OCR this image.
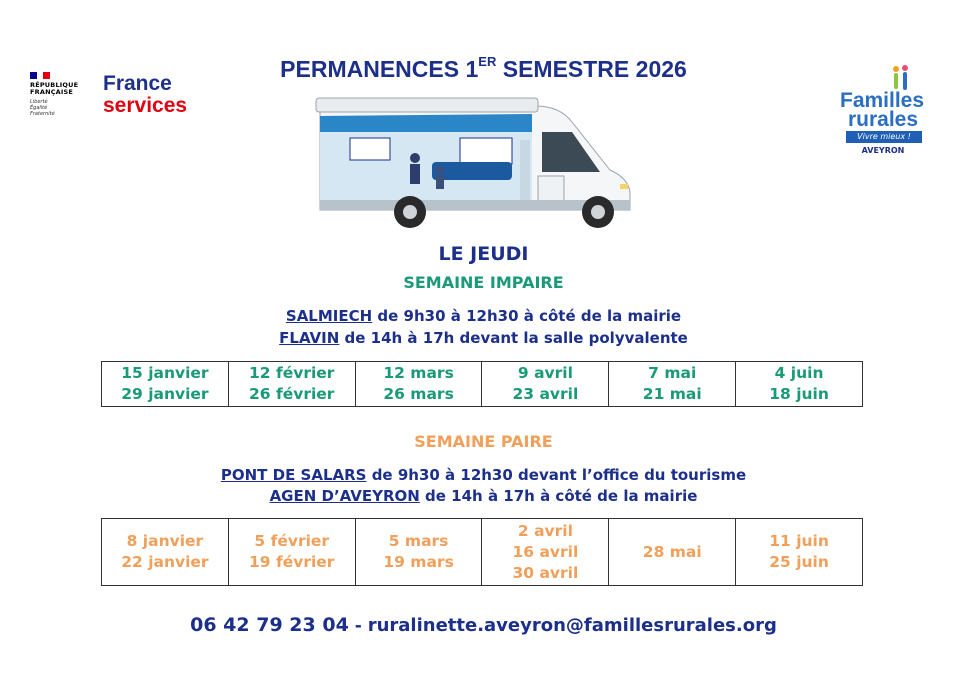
RÉPUBLIQUE
FRANÇAISE
Liberté
Égalité
Fraternité
France
services
PERMANENCES 1ER SEMESTRE 2026
Familles
rurales
Vivre mieux !
AVEYRON
LE JEUDI
SEMAINE IMPAIRE
SALMIECH de 9h30 à 12h30 à côté de la mairie
FLAVIN de 14h à 17h devant la salle polyvalente
15 janvier
29 janvier

12 février
26 février

12 mars
26 mars

9 avril
23 avril

7 mai
21 mai

4 juin
18 juin
SEMAINE PAIRE
PONT DE SALARS de 9h30 à 12h30 devant l’office du tourisme
AGEN D’AVEYRON de 14h à 17h à côté de la mairie
8 janvier
22 janvier

5 février
19 février

5 mars
19 mars

2 avril
16 avril
30 avril

28 mai

11 juin
25 juin
06 42 79 23 04 - ruralinette.aveyron@famillesrurales.org
